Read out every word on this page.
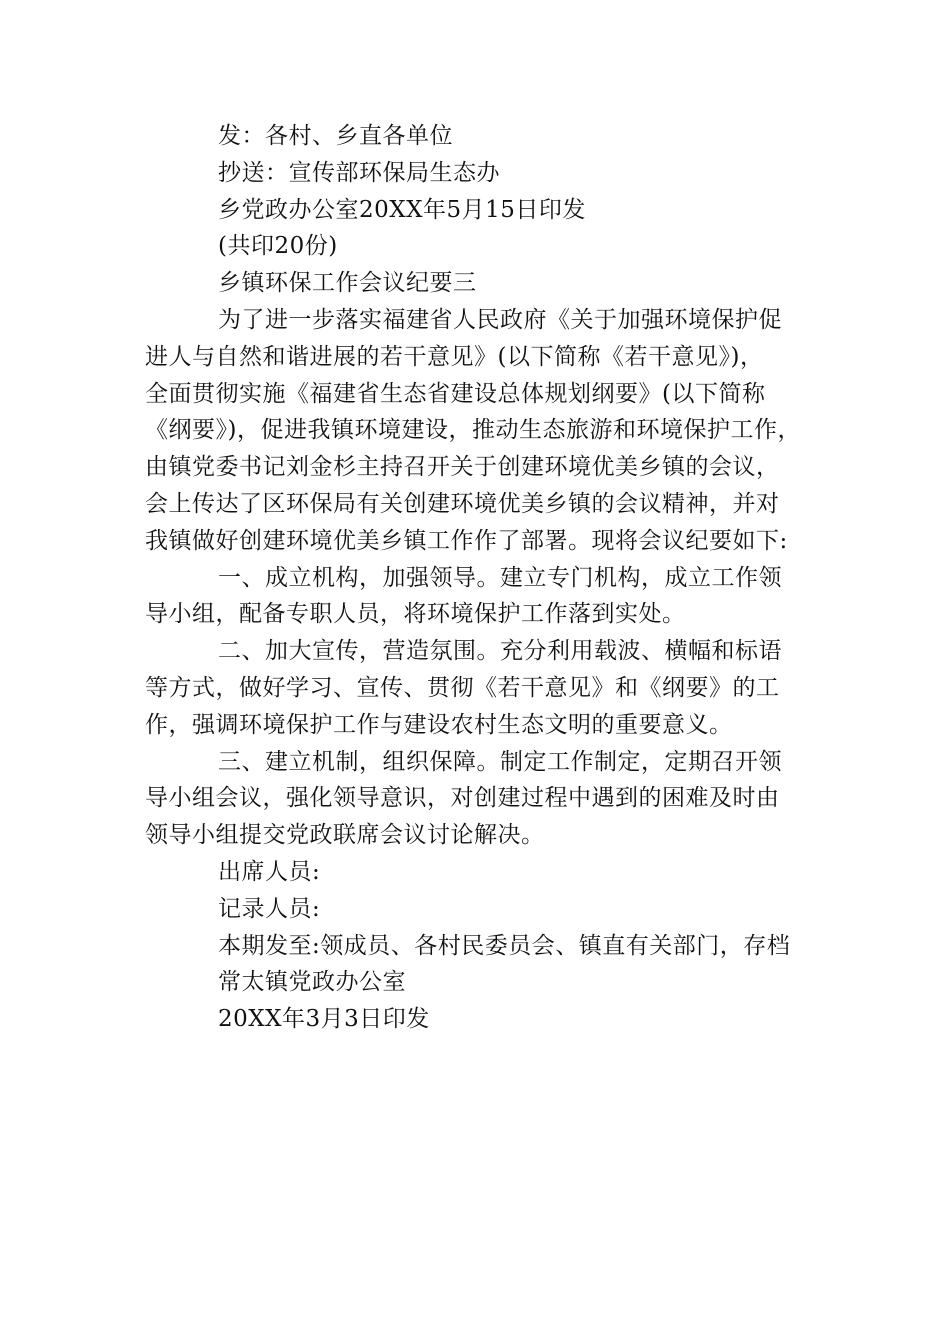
发：各村、乡直各单位
抄送：宣传部环保局生态办
乡党政办公室20XX年5月15日印发
(共印20份)
乡镇环保工作会议纪要三
为了进一步落实福建省人民政府《关于加强环境保护促
进人与自然和谐进展的若干意见》(以下简称《若干意见》)，
全面贯彻实施《福建省生态省建设总体规划纲要》(以下简称
《纲要》)，促进我镇环境建设，推动生态旅游和环境保护工作，
由镇党委书记刘金杉主持召开关于创建环境优美乡镇的会议，
会上传达了区环保局有关创建环境优美乡镇的会议精神，并对
我镇做好创建环境优美乡镇工作作了部署。现将会议纪要如下:
一、成立机构，加强领导。建立专门机构，成立工作领
导小组，配备专职人员，将环境保护工作落到实处。
二、加大宣传，营造氛围。充分利用载波、横幅和标语
等方式，做好学习、宣传、贯彻《若干意见》和《纲要》的工
作，强调环境保护工作与建设农村生态文明的重要意义。
三、建立机制，组织保障。制定工作制定，定期召开领
导小组会议，强化领导意识，对创建过程中遇到的困难及时由
领导小组提交党政联席会议讨论解决。
出席人员:
记录人员:
本期发至:领成员、各村民委员会、镇直有关部门，存档
常太镇党政办公室
20XX年3月3日印发
